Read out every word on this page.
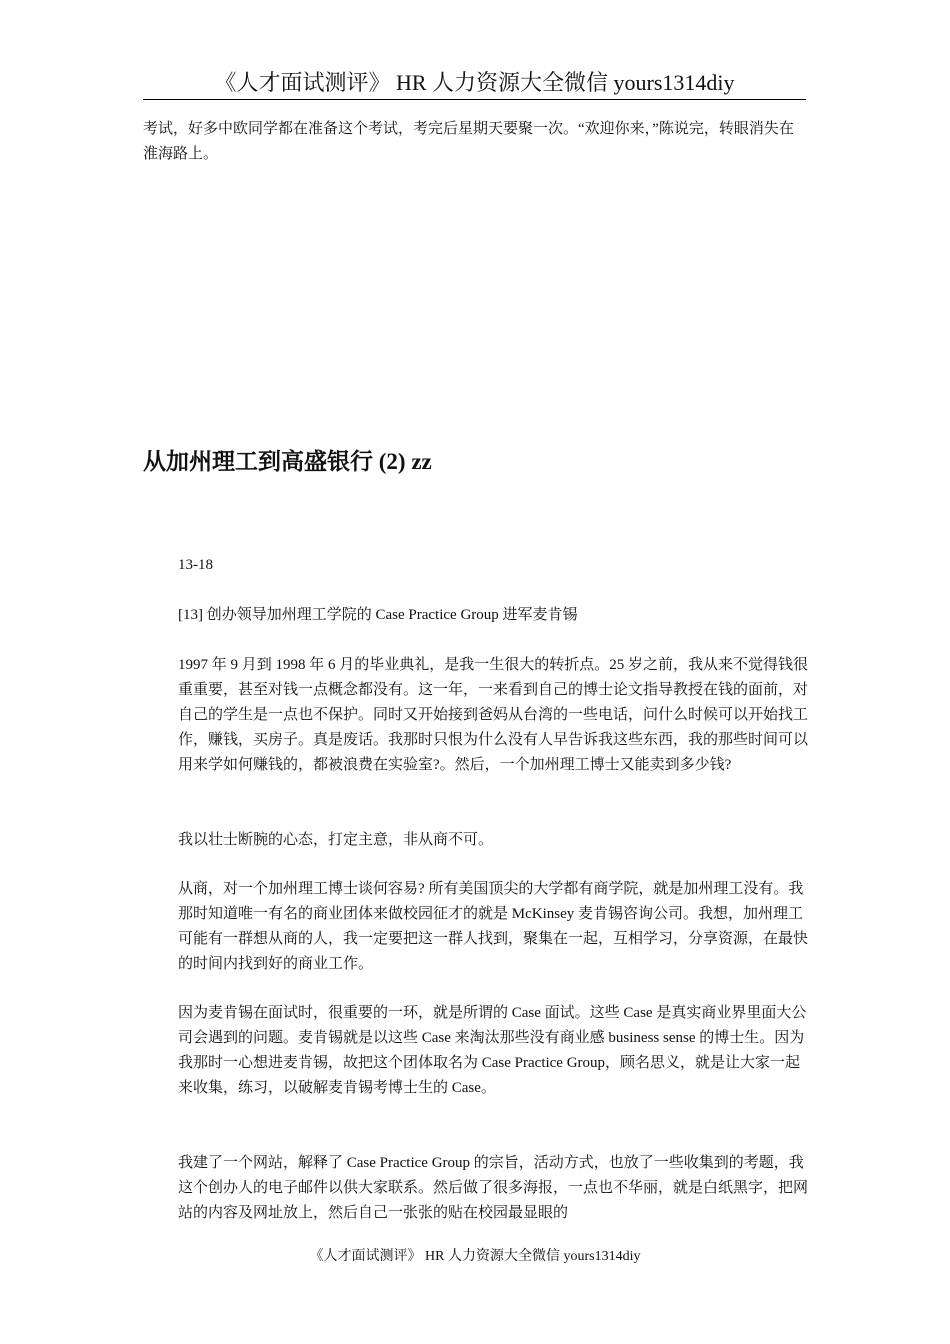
《人才面试测评》 HR 人力资源大全微信 yours1314diy

考试，好多中欧同学都在准备这个考试，考完后星期天要聚一次。“欢迎你来，”陈说完，转眼消失在淮海路上。

从加州理工到高盛银行 (2) zz

13-18

[13] 创办领导加州理工学院的 Case Practice Group 进军麦肯锡

1997 年 9 月到 1998 年 6 月的毕业典礼，是我一生很大的转折点。25 岁之前，我从来不觉得钱很重重要，甚至对钱一点概念都没有。这一年，一来看到自己的博士论文指导教授在钱的面前，对自己的学生是一点也不保护。同时又开始接到爸妈从台湾的一些电话，问什么时候可以开始找工作，赚钱，买房子。真是废话。我那时只恨为什么没有人早告诉我这些东西，我的那些时间可以用来学如何赚钱的，都被浪费在实验室?。然后，一个加州理工博士又能卖到多少钱?

我以壮士断腕的心态，打定主意，非从商不可。

从商，对一个加州理工博士谈何容易? 所有美国顶尖的大学都有商学院，就是加州理工没有。我那时知道唯一有名的商业团体来做校园征才的就是 McKinsey 麦肯锡咨询公司。我想，加州理工可能有一群想从商的人，我一定要把这一群人找到，聚集在一起，互相学习，分享资源，在最快的时间内找到好的商业工作。

因为麦肯锡在面试时，很重要的一环，就是所谓的 Case 面试。这些 Case 是真实商业界里面大公司会遇到的问题。麦肯锡就是以这些 Case 来淘汰那些没有商业感 business sense 的博士生。因为我那时一心想进麦肯锡，故把这个团体取名为 Case Practice Group，顾名思义，就是让大家一起来收集，练习，以破解麦肯锡考博士生的 Case。

我建了一个网站，解释了 Case Practice Group 的宗旨，活动方式，也放了一些收集到的考题，我这个创办人的电子邮件以供大家联系。然后做了很多海报，一点也不华丽，就是白纸黑字，把网站的内容及网址放上，然后自己一张张的贴在校园最显眼的

《人才面试测评》 HR 人力资源大全微信 yours1314diy
